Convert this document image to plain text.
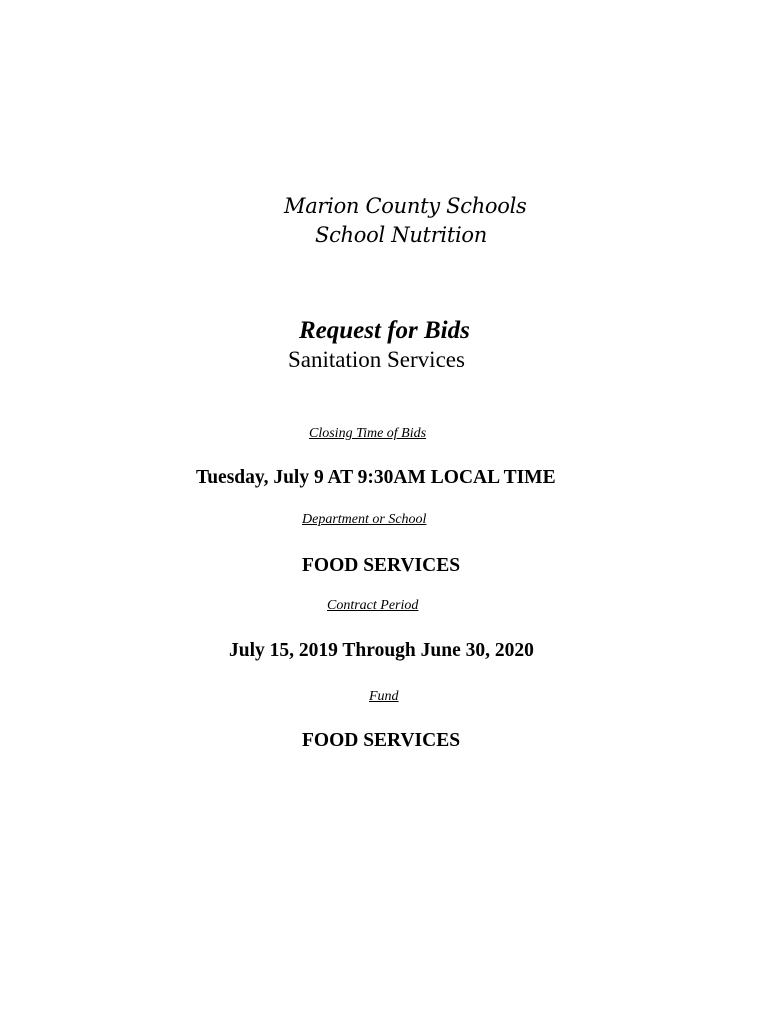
Marion County Schools
School Nutrition
Request for Bids
Sanitation Services
Closing Time of Bids
Tuesday, July 9 AT 9:30AM LOCAL TIME
Department or School
FOOD SERVICES
Contract Period
July 15, 2019 Through June 30, 2020
Fund
FOOD SERVICES
